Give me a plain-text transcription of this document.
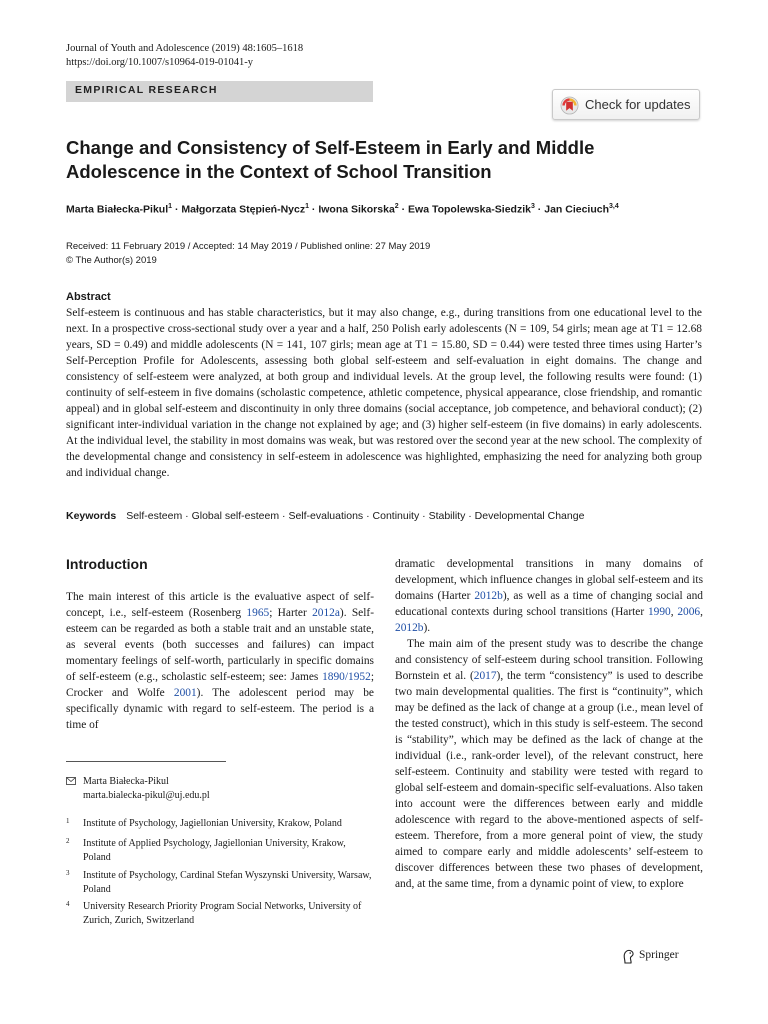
Journal of Youth and Adolescence (2019) 48:1605–1618
https://doi.org/10.1007/s10964-019-01041-y
EMPIRICAL RESEARCH
Check for updates
Change and Consistency of Self-Esteem in Early and Middle Adolescence in the Context of School Transition
Marta Białecka-Pikul$^1$ · Małgorzata Stępień-Nycz$^1$ · Iwona Sikorska$^2$ · Ewa Topolewska-Siedzik$^3$ · Jan Cieciuch$^{3,4}$
Received: 11 February 2019 / Accepted: 14 May 2019 / Published online: 27 May 2019
© The Author(s) 2019
Abstract
Self-esteem is continuous and has stable characteristics, but it may also change, e.g., during transitions from one educational level to the next. In a prospective cross-sectional study over a year and a half, 250 Polish early adolescents (N = 109, 54 girls; mean age at T1 = 12.68 years, SD = 0.49) and middle adolescents (N = 141, 107 girls; mean age at T1 = 15.80, SD = 0.44) were tested three times using Harter’s Self-Perception Profile for Adolescents, assessing both global self-esteem and self-evaluation in eight domains. The change and consistency of self-esteem were analyzed, at both group and individual levels. At the group level, the following results were found: (1) continuity of self-esteem in five domains (scholastic competence, athletic competence, physical appearance, close friendship, and romantic appeal) and in global self-esteem and discontinuity in only three domains (social acceptance, job competence, and behavioral conduct); (2) significant inter-individual variation in the change not explained by age; and (3) higher self-esteem (in five domains) in early adolescents. At the individual level, the stability in most domains was weak, but was restored over the second year at the new school. The complexity of the developmental change and consistency in self-esteem in adolescence was highlighted, emphasizing the need for analyzing both group and individual change.
Keywords Self-esteem · Global self-esteem · Self-evaluations · Continuity · Stability · Developmental Change
Introduction
The main interest of this article is the evaluative aspect of self-concept, i.e., self-esteem (Rosenberg 1965; Harter 2012a). Self-esteem can be regarded as both a stable trait and an unstable state, as several events (both successes and failures) can impact momentary feelings of self-worth, particularly in specific domains of self-esteem (e.g., scholastic self-esteem; see: James 1890/1952; Crocker and Wolfe 2001). The adolescent period may be specifically dynamic with regard to self-esteem. The period is a time of

dramatic developmental transitions in many domains of development, which influence changes in global self-esteem and its domains (Harter 2012b), as well as a time of changing social and educational contexts during school transitions (Harter 1990, 2006, 2012b).

The main aim of the present study was to describe the change and consistency of self-esteem during school transition. Following Bornstein et al. (2017), the term “consistency” is used to describe two main developmental qualities. The first is “continuity”, which may be defined as the lack of change at a group (i.e., mean level of the tested construct), which in this study is self-esteem. The second is “stability”, which may be defined as the lack of change at the individual (i.e., rank-order level), of the relevant construct, here self-esteem. Continuity and stability were tested with regard to global self-esteem and domain-specific self-evaluations. Also taken into account were the differences between early and middle adolescence with regard to the above-mentioned aspects of self-esteem. Therefore, from a more general point of view, the study aimed to compare early and middle adolescents’ self-esteem to discover differences between these two phases of development, and, at the same time, from a dynamic point of view, to explore

Marta Białecka-Pikul
marta.bialecka-pikul@uj.edu.pl
1 Institute of Psychology, Jagiellonian University, Krakow, Poland
2 Institute of Applied Psychology, Jagiellonian University, Krakow, Poland
3 Institute of Psychology, Cardinal Stefan Wyszynski University, Warsaw, Poland
4 University Research Priority Program Social Networks, University of Zurich, Zurich, Switzerland
Springer
